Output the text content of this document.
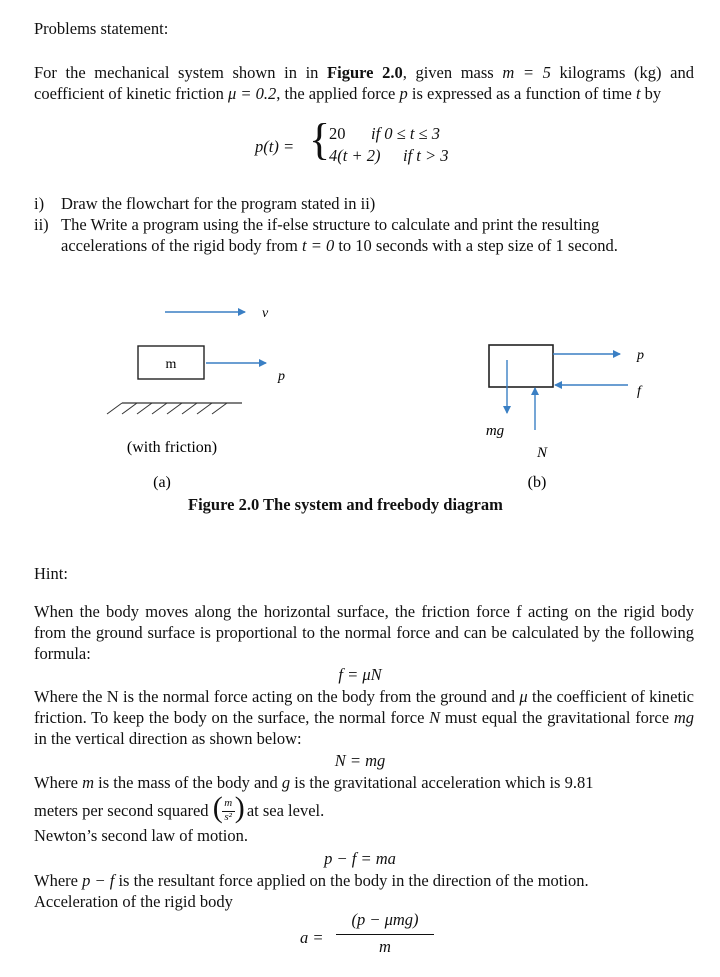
Problems statement:
For the mechanical system shown in in Figure 2.0, given mass m = 5 kilograms (kg) and coefficient of kinetic friction μ = 0.2, the applied force p is expressed as a function of time t by
p(t) = {
20 if 0 ≤ t ≤ 3
4(t + 2) if t > 3
i) Draw the flowchart for the program stated in ii)
ii) The Write a program using the if-else structure to calculate and print the resulting
accelerations of the rigid body from t = 0 to 10 seconds with a step size of 1 second.
v
m
p
(with friction)
(a)
p
f
mg
N
(b)
Figure 2.0 The system and freebody diagram
Hint:
When the body moves along the horizontal surface, the friction force f acting on the rigid body from the ground surface is proportional to the normal force and can be calculated by the following formula:
f = μN
Where the N is the normal force acting on the body from the ground and μ the coefficient of kinetic friction. To keep the body on the surface, the normal force N must equal the gravitational force mg in the vertical direction as shown below:
N = mg
Where m is the mass of the body and g is the gravitational acceleration which is 9.81
meters per second squared ( m
s² )
at sea level.
Newton’s second law of motion.
p − f = ma
Where p − f is the resultant force applied on the body in the direction of the motion.
Acceleration of the rigid body
a =
(p − μmg)
m
